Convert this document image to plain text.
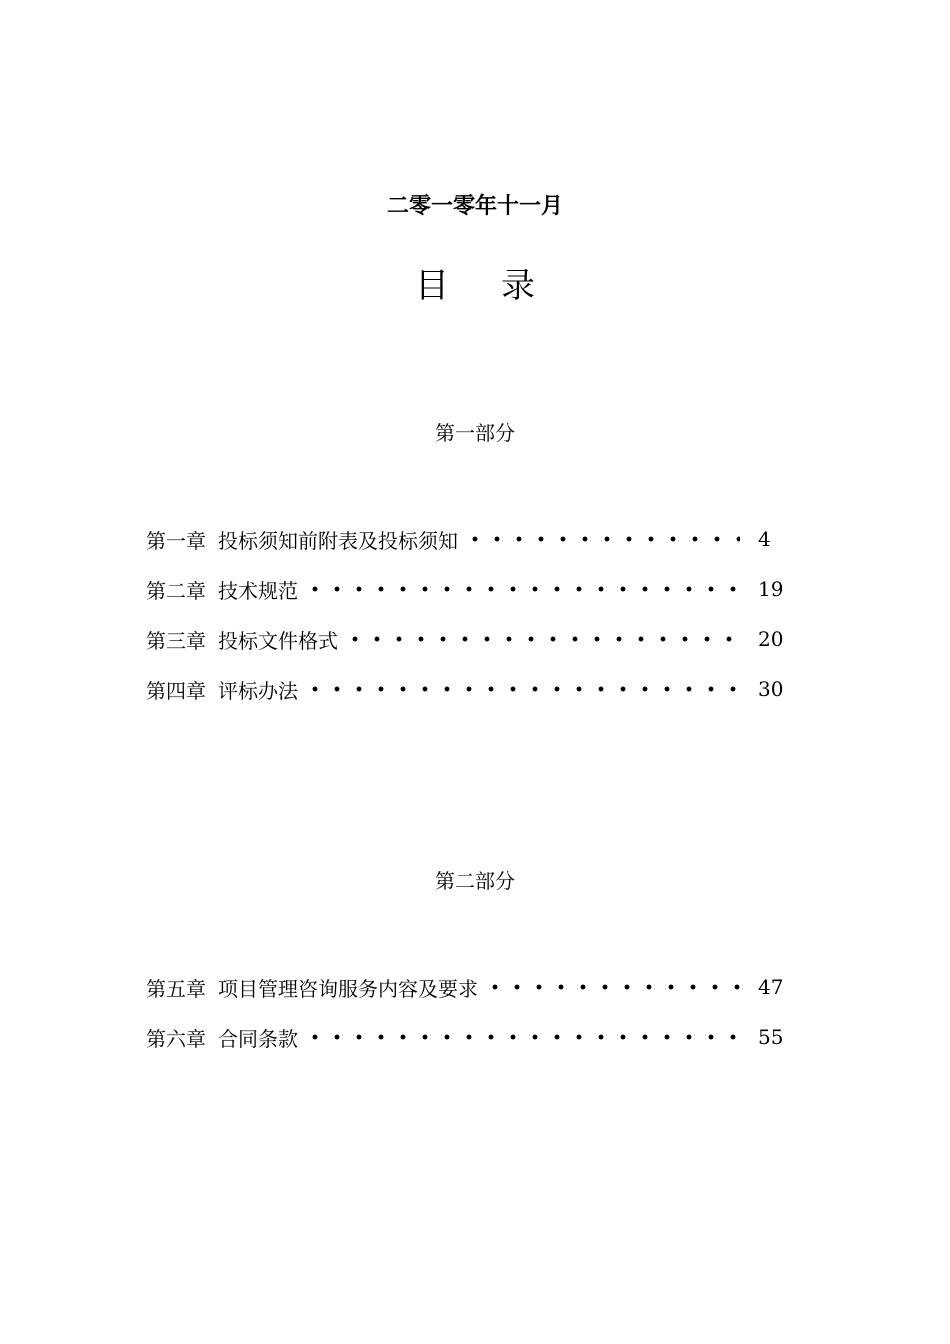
二零一零年十一月
目录
第一部分
第一章 投标须知前附表及投标须知	4
第二章 技术规范	19
第三章 投标文件格式	20
第四章 评标办法	30
第二部分
第五章 项目管理咨询服务内容及要求	47
第六章 合同条款	55
